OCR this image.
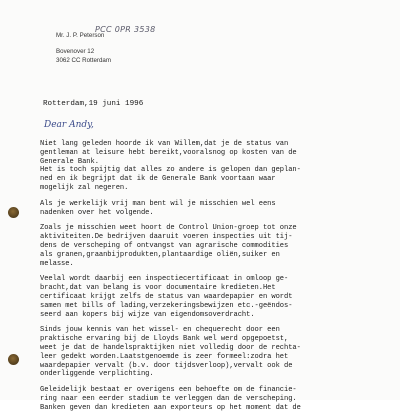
PCC 0PR 3538
Mr. J. P. Peterson
Bovenover 12
3062 CC Rotterdam
Rotterdam,19 juni 1996
Dear Andy,
Niet lang geleden hoorde ik van Willem,dat je de status van
gentleman at leisure hebt bereikt,vooralsnog op kosten van de
Generale Bank.
Het is toch spijtig dat alles zo andere is gelopen dan geplan-
ned en ik begrijpt dat ik de Generale Bank voortaan waar
mogelijk zal negeren.
Als je werkelijk vrij man bent wil je misschien wel eens
nadenken over het volgende.
Zoals je misschien weet hoort de Control Union-groep tot onze
aktiviteiten.De bedrijven daaruit voeren inspecties uit tij-
dens de verscheping of ontvangst van agrarische commodities
als granen,graanbijprodukten,plantaardige oliën,suiker en
melasse.
Veelal wordt daarbij een inspectiecertificaat in omloop ge-
bracht,dat van belang is voor documentaire kredieten.Het
certificaat krijgt zelfs de status van waardepapier en wordt
samen met bills of lading,verzekeringsbewijzen etc.-geëndos-
seerd aan kopers bij wijze van eigendomsoverdracht.
Sinds jouw kennis van het wissel- en chequerecht door een
praktische ervaring bij de Lloyds Bank wel werd opgepoetst,
weet je dat de handelspraktijken niet volledig door de rechta-
leer gedekt worden.Laatstgenoemde is zeer formeel:zodra het
waardepapier vervalt (b.v. door tijdsverloop),vervalt ook de
onderliggende verplichting.
Geleidelijk bestaat er overigens een behoefte om de financie-
ring naar een eerder stadium te verleggen dan de verscheping.
Banken geven dan kredieten aan exporteurs op het moment dat de
